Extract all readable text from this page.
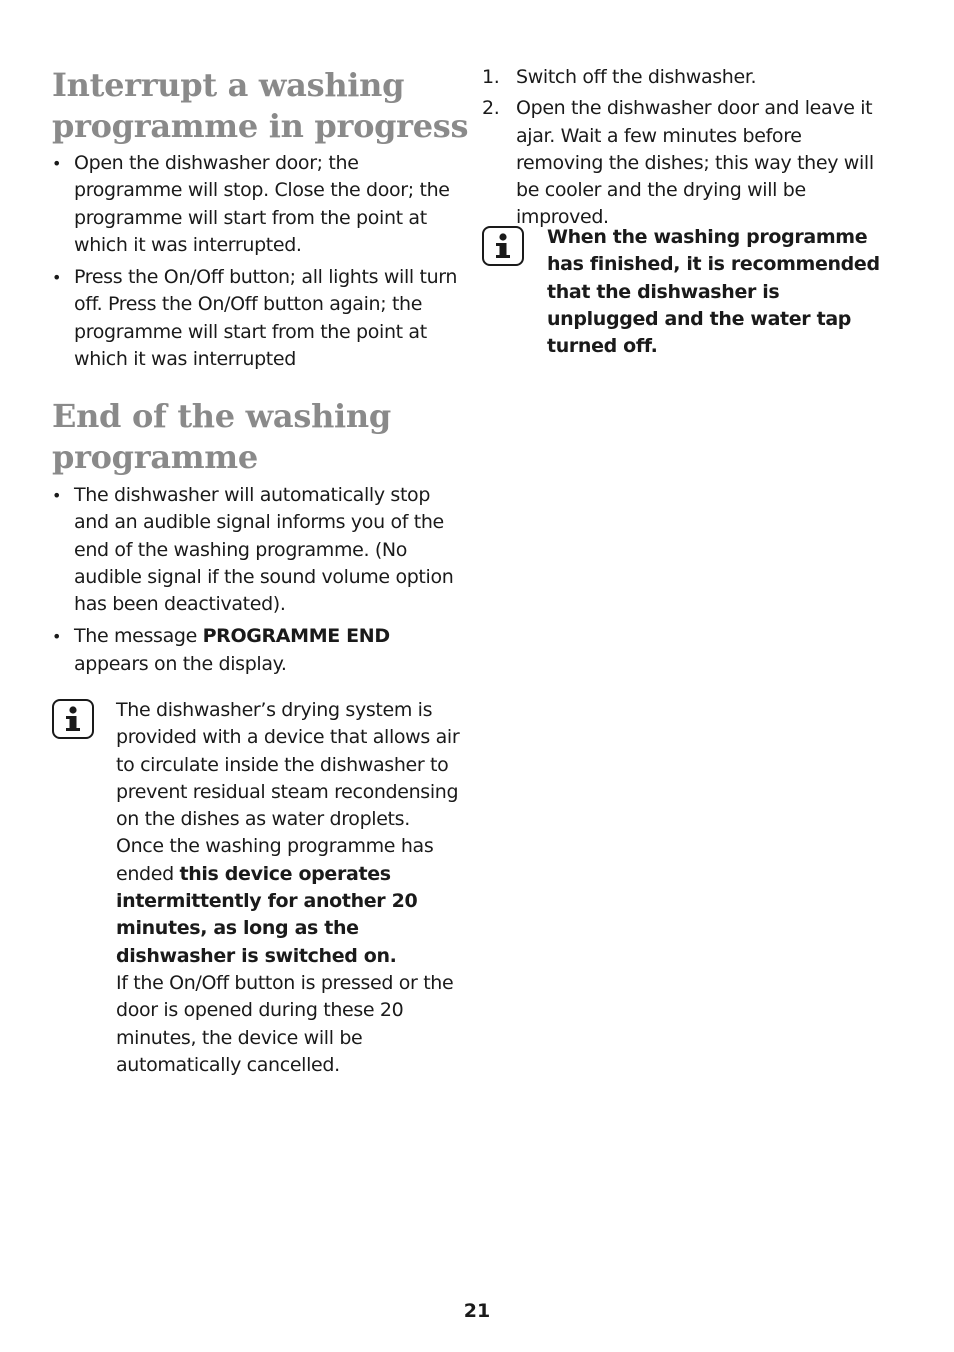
Interrupt a washing
programme in progress
• Open the dishwasher door; the programme will stop. Close the door; the programme will start from the point at which it was interrupted.
• Press the On/Off button; all lights will turn off. Press the On/Off button again; the programme will start from the point at which it was interrupted
End of the washing
programme
• The dishwasher will automatically stop and an audible signal informs you of the end of the washing programme. (No audible signal if the sound volume option has been deactivated).
• The message PROGRAMME END
appears on the display.
The dishwasher’s drying system is provided with a device that allows air to circulate inside the dishwasher to prevent residual steam recondensing on the dishes as water droplets.
Once the washing programme has ended this device operates intermittently for another 20 minutes, as long as the dishwasher is switched on.
If the On/Off button is pressed or the door is opened during these 20 minutes, the device will be automatically cancelled.
1. Switch off the dishwasher.
2. Open the dishwasher door and leave it ajar. Wait a few minutes before removing the dishes; this way they will be cooler and the drying will be improved.
When the washing programme has finished, it is recommended that the dishwasher is unplugged and the water tap turned off.
21
